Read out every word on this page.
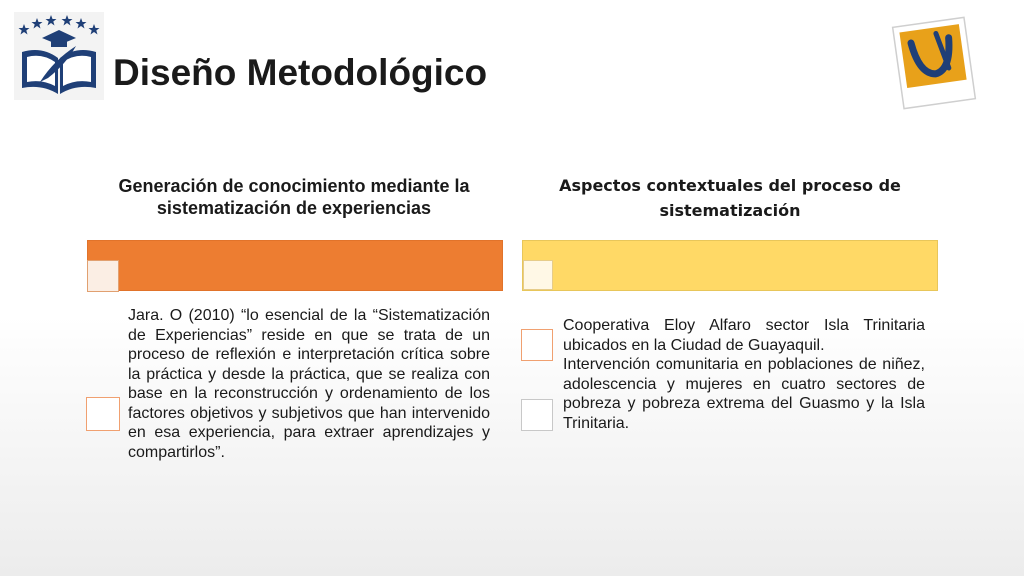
Diseño Metodológico
Generación de conocimiento mediante la sistematización de experiencias
Aspectos contextuales del proceso de sistematización

Jara. O (2010) “lo esencial de la “Sistematización de Experiencias” reside en que se trata de un proceso de reflexión e interpretación crítica sobre la práctica y desde la práctica, que se realiza con base en la reconstrucción y ordenamiento de los factores objetivos y subjetivos que han intervenido en esa experiencia, para extraer aprendizajes y compartirlos”.

Cooperativa Eloy Alfaro sector Isla Trinitaria ubicados en la Ciudad de Guayaquil.

Intervención comunitaria en poblaciones de niñez, adolescencia y mujeres en cuatro sectores de pobreza y pobreza extrema del Guasmo y la Isla Trinitaria.
